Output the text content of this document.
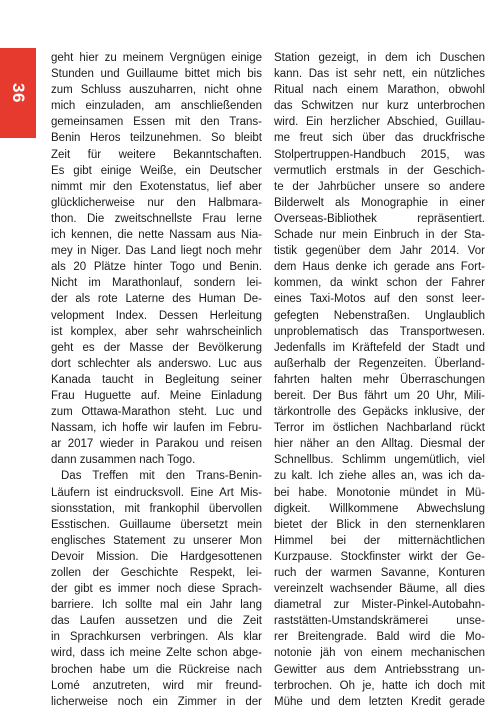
36
geht hier zu meinem Vergnügen einige
Stunden und Guillaume bittet mich bis
zum Schluss auszuharren, nicht ohne
mich einzuladen, am anschließenden
gemeinsamen Essen mit den Trans-
Benin Heros teilzunehmen. So bleibt
Zeit für weitere Bekanntschaften.
Es gibt einige Weiße, ein Deutscher
nimmt mir den Exotenstatus, lief aber
glücklicherweise nur den Halbmara-
thon. Die zweitschnellste Frau lerne
ich kennen, die nette Nassam aus Nia-
mey in Niger. Das Land liegt noch mehr
als 20 Plätze hinter Togo und Benin.
Nicht im Marathonlauf, sondern lei-
der als rote Laterne des Human De-
velopment Index. Dessen Herleitung
ist komplex, aber sehr wahrscheinlich
geht es der Masse der Bevölkerung
dort schlechter als anderswo. Luc aus
Kanada taucht in Begleitung seiner
Frau Huguette auf. Meine Einladung
zum Ottawa-Marathon steht. Luc und
Nassam, ich hoffe wir laufen im Febru-
ar 2017 wieder in Parakou und reisen
dann zusammen nach Togo.
Das Treffen mit den Trans-Benin-
Läufern ist eindrucksvoll. Eine Art Mis-
sionsstation, mit frankophil übervollen
Esstischen. Guillaume übersetzt mein
englisches Statement zu unserer Mon
Devoir Mission. Die Hardgesottenen
zollen der Geschichte Respekt, lei-
der gibt es immer noch diese Sprach-
barriere. Ich sollte mal ein Jahr lang
das Laufen aussetzen und die Zeit
in Sprachkursen verbringen. Als klar
wird, dass ich meine Zelte schon abge-
brochen habe um die Rückreise nach
Lomé anzutreten, wird mir freund-
licherweise noch ein Zimmer in der
Station gezeigt, in dem ich Duschen
kann. Das ist sehr nett, ein nützliches
Ritual nach einem Marathon, obwohl
das Schwitzen nur kurz unterbrochen
wird. Ein herzlicher Abschied, Guillau-
me freut sich über das druckfrische
Stolpertruppen-Handbuch 2015, was
vermutlich erstmals in der Geschich-
te der Jahrbücher unsere so andere
Bilderwelt als Monographie in einer
Overseas-Bibliothek repräsentiert.
Schade nur mein Einbruch in der Sta-
tistik gegenüber dem Jahr 2014. Vor
dem Haus denke ich gerade ans Fort-
kommen, da winkt schon der Fahrer
eines Taxi-Motos auf den sonst leer-
gefegten Nebenstraßen. Unglaublich
unproblematisch das Transportwesen.
Jedenfalls im Kräftefeld der Stadt und
außerhalb der Regenzeiten. Überland-
fahrten halten mehr Überraschungen
bereit. Der Bus fährt um 20 Uhr, Mili-
tärkontrolle des Gepäcks inklusive, der
Terror im östlichen Nachbarland rückt
hier näher an den Alltag. Diesmal der
Schnellbus. Schlimm ungemütlich, viel
zu kalt. Ich ziehe alles an, was ich da-
bei habe. Monotonie mündet in Mü-
digkeit. Willkommene Abwechslung
bietet der Blick in den sternenklaren
Himmel bei der mitternächtlichen
Kurzpause. Stockfinster wirkt der Ge-
ruch der warmen Savanne, Konturen
vereinzelt wachsender Bäume, all dies
diametral zur Mister-Pinkel-Autobahn-
raststätten-Umstandskrämerei unse-
rer Breitengrade. Bald wird die Mo-
notonie jäh von einem mechanischen
Gewitter aus dem Antriebsstrang un-
terbrochen. Oh je, hatte ich doch mit
Mühe und dem letzten Kredit gerade
